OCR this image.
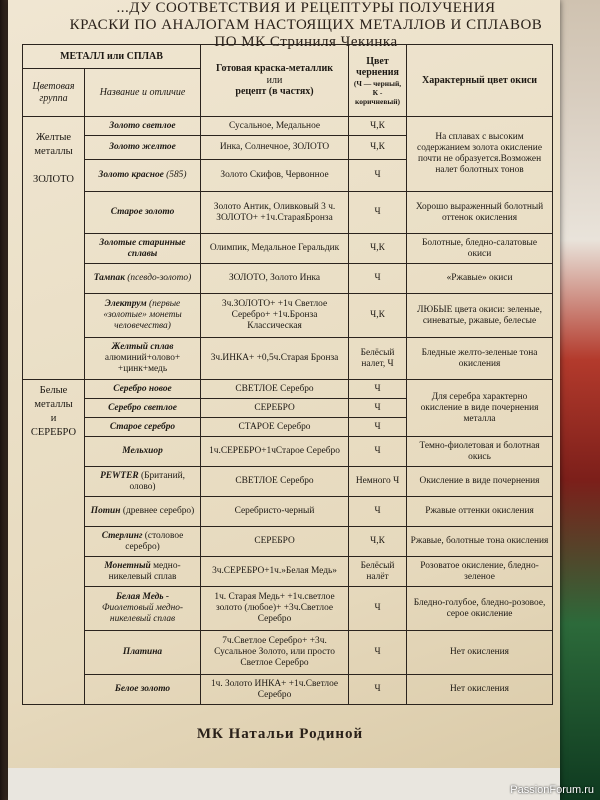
...ДУ СООТВЕТСТВИЯ И РЕЦЕПТУРЫ ПОЛУЧЕНИЯ
КРАСКИ ПО АНАЛОГАМ НАСТОЯЩИХ МЕТАЛЛОВ И СПЛАВОВ
ПО МК Стриниля Чекинка
МЕТАЛЛ или СПЛАВ		Готовая краска-металлик
или
рецепт (в частях)	Цвет чернения
(Ч — черный, К - коричневый)	Характерный цвет окиси
Цветовая группа	Название и отличие			
Желтые металлы

ЗОЛОТО	Золото светлое	Сусальное, Медальное	Ч,К	На сплавах с высоким содержанием золота окисление почти не образуется.Возможен налет болотных тонов
	Золото желтое	Инка, Солнечное, ЗОЛОТО	Ч,К	
	Золото красное (585)	Золото Скифов, Червонное	Ч	
	Старое золото	Золото Антик, Оливковый 3 ч. ЗОЛОТО+ +1ч.СтараяБронза	Ч	Хорошо выраженный болотный оттенок окисления
	Золотые старинные сплавы	Олимпик, Медальное Геральдик	Ч,К	Болотные, бледно-салатовые окиси
	Тампак (псевдо-золото)	ЗОЛОТО, Золото Инка	Ч	«Ржавые» окиси
	Электрум (первые «золотые» монеты человечества)	3ч.ЗОЛОТО+ +1ч Светлое Серебро+ +1ч.Бронза Классическая	Ч,К	ЛЮБЫЕ цвета окиси: зеленые, синеватые, ржавые, белесые
	Желтый сплав
алюминий+олово+ +цинк+медь	3ч.ИНКА+ +0,5ч.Старая Бронза	Белёсый налет, Ч	Бледные желто-зеленые тона окисления
Белые металлы
и
СЕРЕБРО	Серебро новое	СВЕТЛОЕ Серебро	Ч	Для серебра характерно окисление в виде почернения металла
	Серебро светлое	СЕРЕБРО	Ч	
	Старое серебро	СТАРОЕ Серебро	Ч	
	Мельхиор	1ч.СЕРЕБРО+1чСтарое Серебро	Ч	Темно-фиолетовая и болотная окись
	PEWTER (Британий, олово)	СВЕТЛОЕ Серебро	Немного Ч	Окисление в виде почернения
	Потин (древнее серебро)	Серебристо-черный	Ч	Ржавые оттенки окисления
	Стерлинг (столовое серебро)	СЕРЕБРО	Ч,К	Ржавые, болотные тона окисления
	Монетный медно-никелевый сплав	3ч.СЕРЕБРО+1ч.»Белая Медь»	Белёсый налёт	Розоватое окисление, бледно-зеленое
	Белая Медь -
Фиолетовый медно-никелевый сплав	1ч. Старая Медь+ +1ч.светлое золото (любое)+ +3ч.Светлое Серебро	Ч	Бледно-голубое, бледно-розовое, серое окисление
	Платина	7ч.Светлое Серебро+ +3ч. Сусальное Золото, или просто Светлое Серебро	Ч	Нет окисления
	Белое золото	1ч. Золото ИНКА+ +1ч.Светлое Серебро	Ч	Нет окисления
МК Натальи Родиной
PassionForum.ru
